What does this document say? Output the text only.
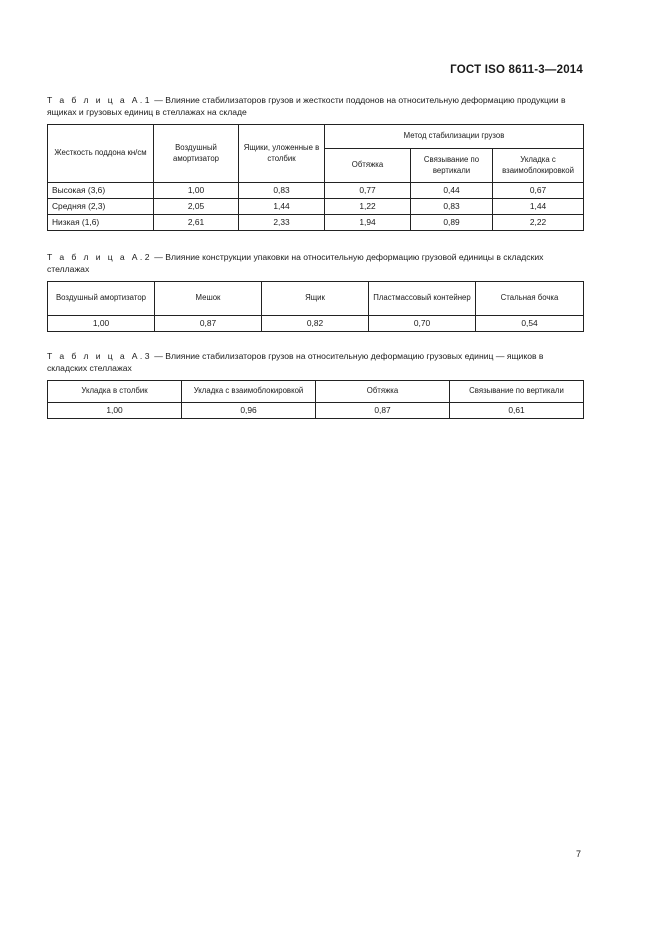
ГОСТ ISO 8611-3—2014
Т а б л и ц а А.1 — Влияние стабилизаторов грузов и жесткости поддонов на относительную деформацию продукции в ящиках и грузовых единиц в стеллажах на складе
Жесткость поддона кн/см	Воздушный амортизатор	Ящики, уложенные в столбик	Метод стабилизации грузов		
			Обтяжка	Связывание по вертикали	Укладка с взаимоблокировкой
Высокая (3,6)	1,00	0,83	0,77	0,44	0,67
Средняя (2,3)	2,05	1,44	1,22	0,83	1,44
Низкая (1,6)	2,61	2,33	1,94	0,89	2,22
Т а б л и ц а А.2 — Влияние конструкции упаковки на относительную деформацию грузовой единицы в складских стеллажах
Воздушный амортизатор	Мешок	Ящик	Пластмассовый контейнер	Стальная бочка
1,00	0,87	0,82	0,70	0,54
Т а б л и ц а А.3 — Влияние стабилизаторов грузов на относительную деформацию грузовых единиц — ящиков в складских стеллажах
Укладка в столбик	Укладка с взаимоблокировкой	Обтяжка	Связывание по вертикали
1,00	0,96	0,87	0,61
7
